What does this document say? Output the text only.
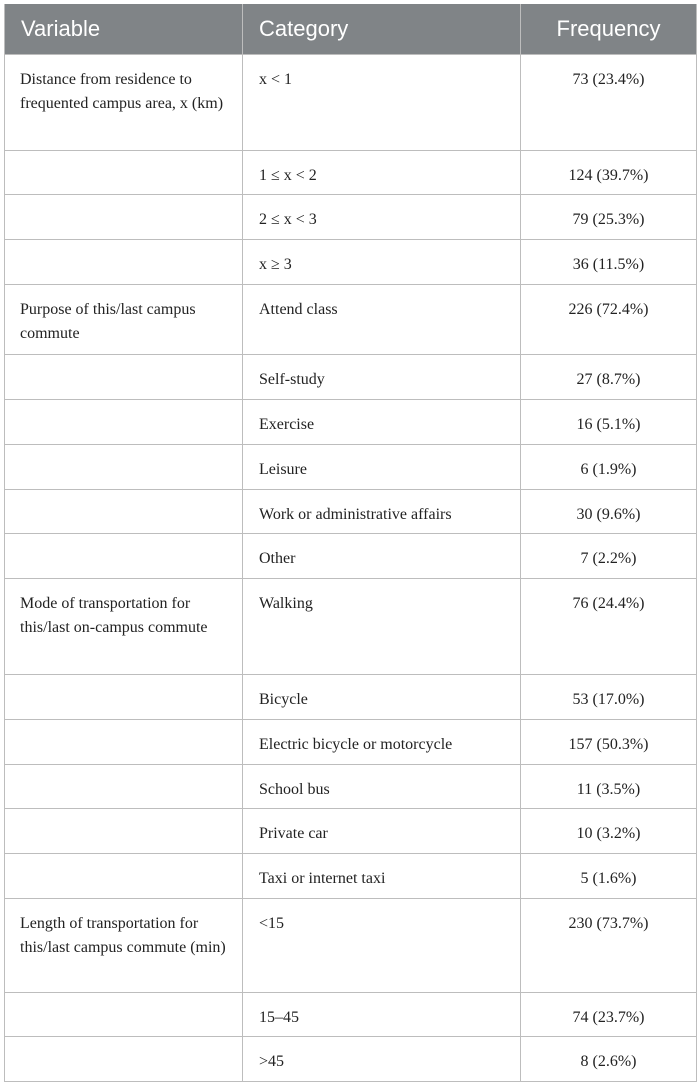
Variable	Category	Frequency
Distance from residence to frequented campus area, x (km)	x < 1	73 (23.4%)
	1 ≤ x < 2	124 (39.7%)
	2 ≤ x < 3	79 (25.3%)
	x ≥ 3	36 (11.5%)
Purpose of this/last campus commute	Attend class	226 (72.4%)
	Self-study	27 (8.7%)
	Exercise	16 (5.1%)
	Leisure	6 (1.9%)
	Work or administrative affairs	30 (9.6%)
	Other	7 (2.2%)
Mode of transportation for this/last on-campus commute	Walking	76 (24.4%)
	Bicycle	53 (17.0%)
	Electric bicycle or motorcycle	157 (50.3%)
	School bus	11 (3.5%)
	Private car	10 (3.2%)
	Taxi or internet taxi	5 (1.6%)
Length of transportation for this/last campus commute (min)	<15	230 (73.7%)
	15–45	74 (23.7%)
	>45	8 (2.6%)
